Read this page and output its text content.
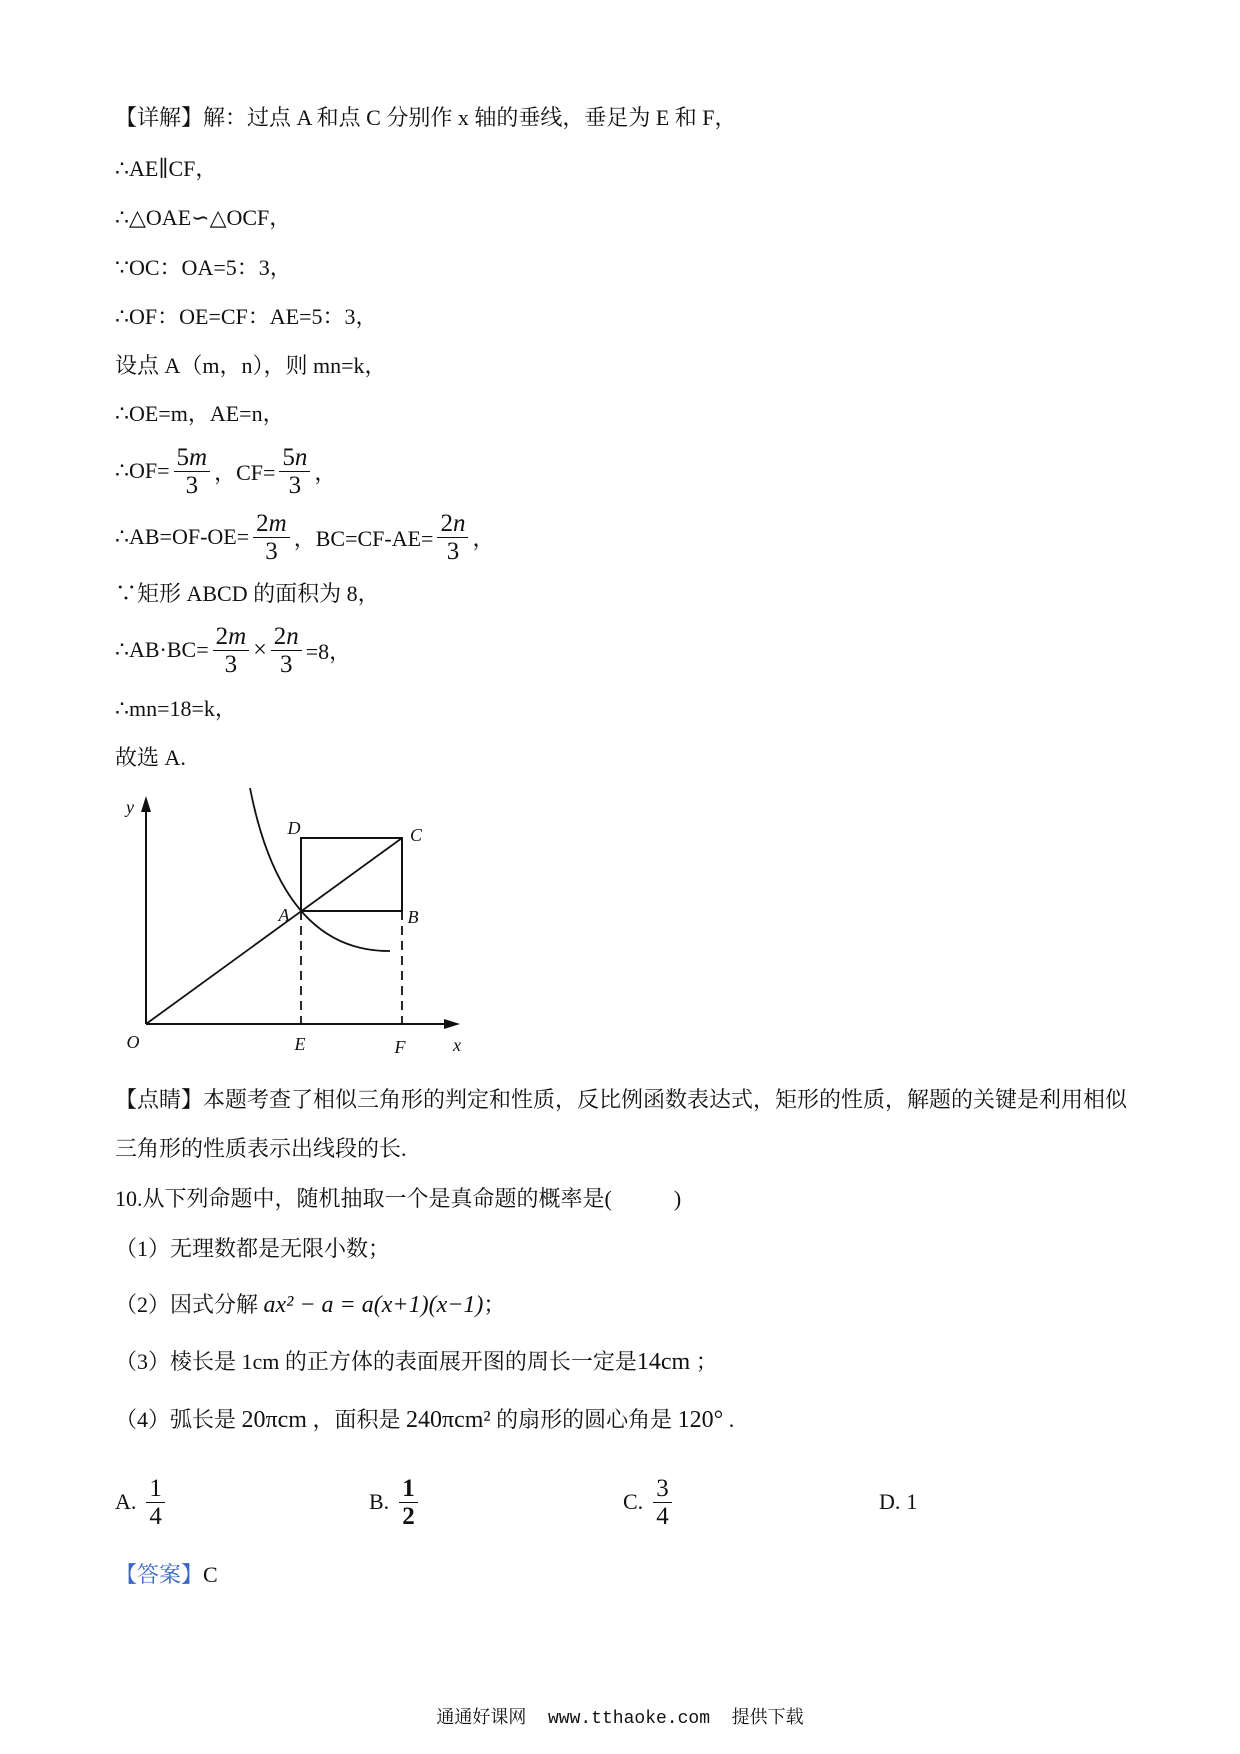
【详解】解：过点 A 和点 C 分别作 x 轴的垂线，垂足为 E 和 F，
∴AE∥CF，
∴△OAE∽△OCF，
∵OC：OA=5：3，
∴OF：OE=CF：AE=5：3，
设点 A（m，n），则 mn=k，
∴OE=m，AE=n，
∴OF= $\frac{5m}{3}$ ，$CF= \frac{5n}{3}$ ，
∴AB=OF-OE= $\frac{2m}{3}$ ，$BC=CF-AE= \frac{2n}{3}$ ，
∵矩形 ABCD 的面积为 8，
∴AB·BC= $\frac{2m}{3} \times \frac{2n}{3} =8$，
∴mn=18=k，
故选 A.
y
D	C
A	B
O	E	F	x
【点睛】本题考查了相似三角形的判定和性质，反比例函数表达式，矩形的性质，解题的关键是利用相似
三角形的性质表示出线段的长.
10.从下列命题中，随机抽取一个是真命题的概率是(	)
（1）无理数都是无限小数；
（2）因式分解 ax² − a = a(x+1)(x−1)；
（3）棱长是 1cm 的正方体的表面展开图的周长一定是14cm ；
（4）弧长是 20πcm ，面积是 240πcm² 的扇形的圆心角是 120° .
A. $\frac{1}{4}$	B. $\frac{1}{2}$	C. $\frac{3}{4}$	D. 1
【答案】C
通通好课网  www.tthaoke.com  提供下载
